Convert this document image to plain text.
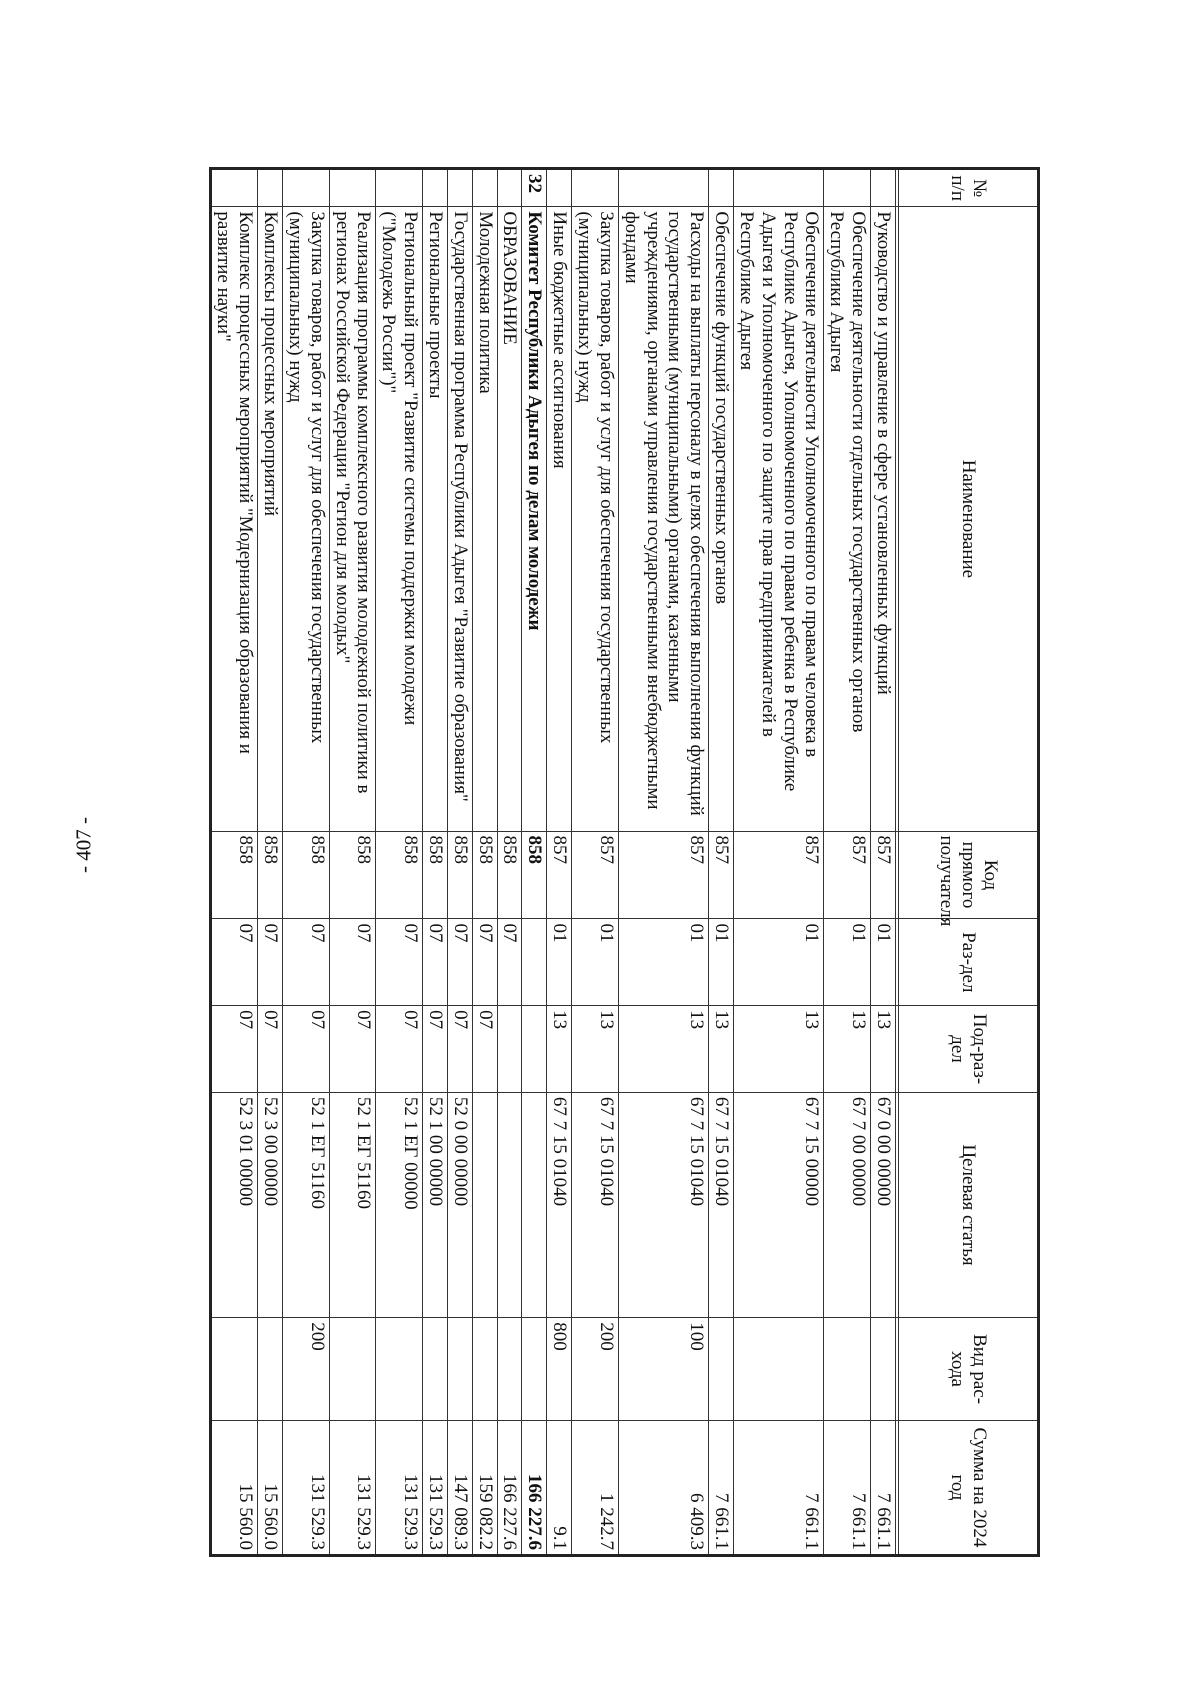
- 407 -
№ п/п	Наименование	Код прямого получателя	Раз-дел	Под-раз-дел	Целевая статья	Вид рас-хода	Сумма на 2024 год

	Руководство и управление в сфере установленных функций	857	01	13	67 0 00 00000		7 661.1
	Обеспечение деятельности отдельных государственных органов Республики Адыгея	857	01	13	67 7 00 00000		7 661.1
	Обеспечение деятельности Уполномоченного по правам человека в Республике Адыгея, Уполномоченного по правам ребенка в Республике Адыгея и Уполномоченного по защите прав предпринимателей в Республике Адыгея	857	01	13	67 7 15 00000		7 661.1
	Обеспечение функций государственных органов	857	01	13	67 7 15 01040		7 661.1
	Расходы на выплаты персоналу в целях обеспечения выполнения функций государственными (муниципальными) органами, казенными учреждениями, органами управления государственными внебюджетными фондами	857	01	13	67 7 15 01040	100	6 409.3
	Закупка товаров, работ и услуг для обеспечения государственных (муниципальных) нужд	857	01	13	67 7 15 01040	200	1 242.7
	Иные бюджетные ассигнования	857	01	13	67 7 15 01040	800	9.1
32	Комитет Республики Адыгея по делам молодежи	858					166 227.6
	ОБРАЗОВАНИЕ	858	07				166 227.6
	Молодежная политика	858	07	07			159 082.2
	Государственная программа Республики Адыгея "Развитие образования"	858	07	07	52 0 00 00000		147 089.3
	Региональные проекты	858	07	07	52 1 00 00000		131 529.3
	Региональный проект "Развитие системы поддержки молодежи ("Молодежь России")"	858	07	07	52 1 ЕГ 00000		131 529.3
	Реализация программы комплексного развития молодежной политики в регионах Российской Федерации "Регион для молодых"	858	07	07	52 1 ЕГ 51160		131 529.3
	Закупка товаров, работ и услуг для обеспечения государственных (муниципальных) нужд	858	07	07	52 1 ЕГ 51160	200	131 529.3
	Комплексы процессных мероприятий	858	07	07	52 3 00 00000		15 560.0
	Комплекс процессных мероприятий "Модернизация образования и развитие науки"	858	07	07	52 3 01 00000		15 560.0
